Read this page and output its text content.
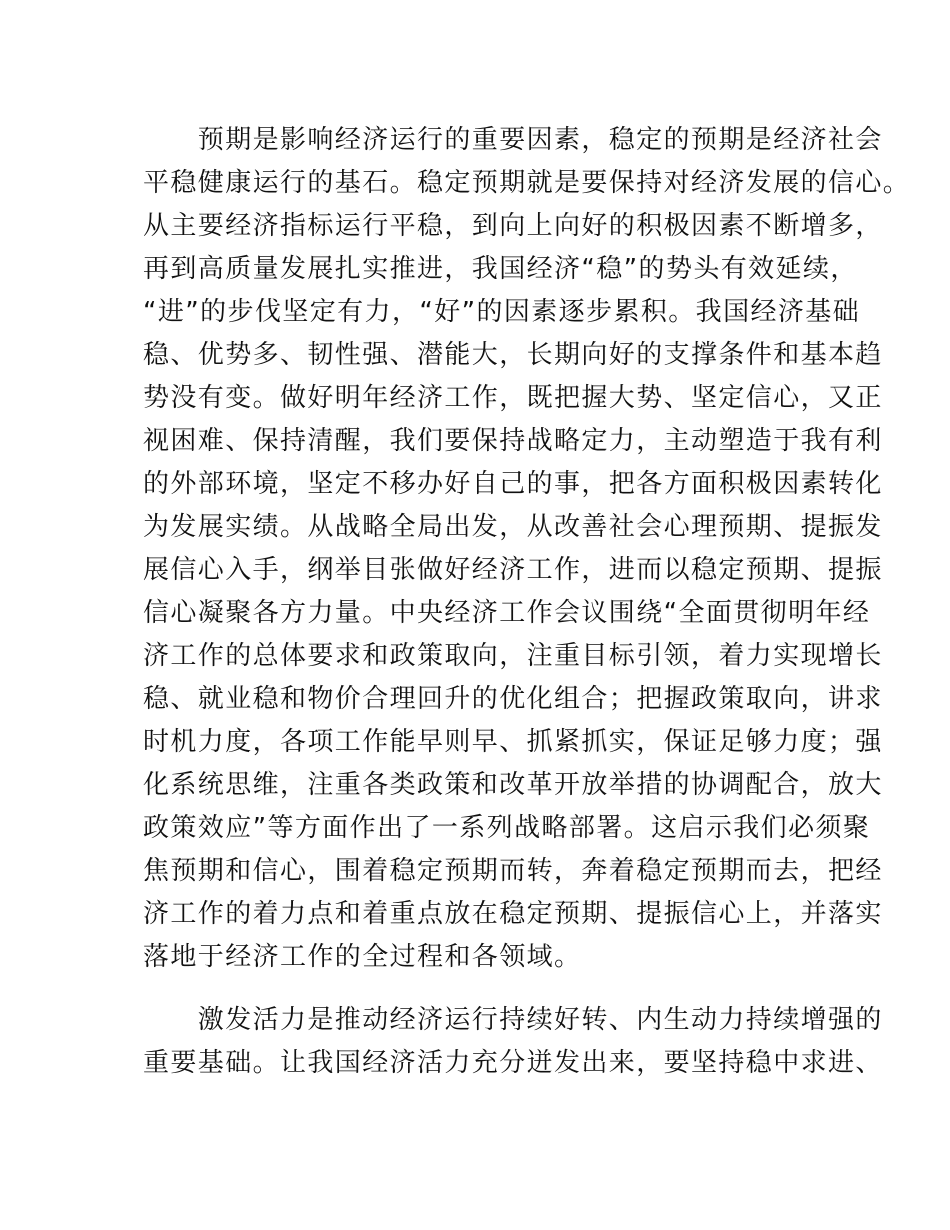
　　预期是影响经济运行的重要因素，稳定的预期是经济社会
平稳健康运行的基石。稳定预期就是要保持对经济发展的信心。
从主要经济指标运行平稳，到向上向好的积极因素不断增多，
再到高质量发展扎实推进，我国经济“稳”的势头有效延续，
“进”的步伐坚定有力，“好”的因素逐步累积。我国经济基础
稳、优势多、韧性强、潜能大，长期向好的支撑条件和基本趋
势没有变。做好明年经济工作，既把握大势、坚定信心，又正
视困难、保持清醒，我们要保持战略定力，主动塑造于我有利
的外部环境，坚定不移办好自己的事，把各方面积极因素转化
为发展实绩。从战略全局出发，从改善社会心理预期、提振发
展信心入手，纲举目张做好经济工作，进而以稳定预期、提振
信心凝聚各方力量。中央经济工作会议围绕“全面贯彻明年经
济工作的总体要求和政策取向，注重目标引领，着力实现增长
稳、就业稳和物价合理回升的优化组合；把握政策取向，讲求
时机力度，各项工作能早则早、抓紧抓实，保证足够力度；强
化系统思维，注重各类政策和改革开放举措的协调配合，放大
政策效应”等方面作出了一系列战略部署。这启示我们必须聚
焦预期和信心，围着稳定预期而转，奔着稳定预期而去，把经
济工作的着力点和着重点放在稳定预期、提振信心上，并落实
落地于经济工作的全过程和各领域。
　　激发活力是推动经济运行持续好转、内生动力持续增强的
重要基础。让我国经济活力充分迸发出来，要坚持稳中求进、
